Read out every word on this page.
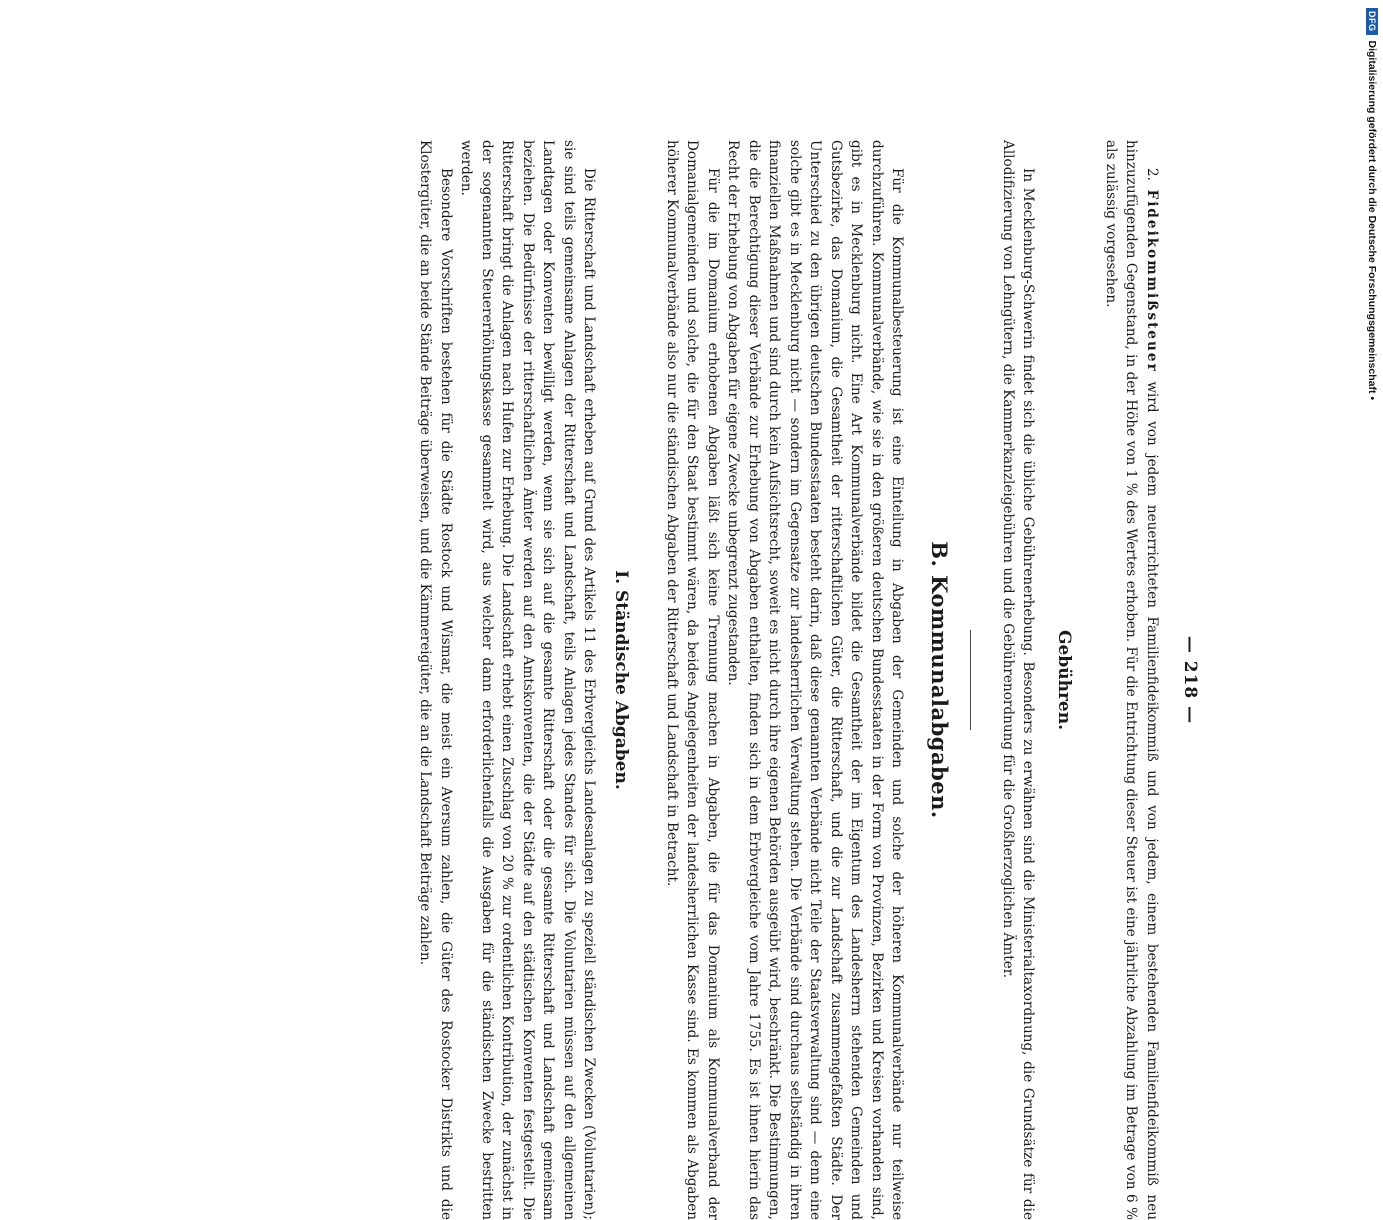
— 218 —

2. Fideikommißsteuer wird von jedem neuerrichteten Familienfideikommiß und von jedem, einem bestehenden Familienfideikommiß neu hinzuzufügenden Gegenstand, in der Höhe von 1 % des Wertes erhoben. Für die Entrichtung dieser Steuer ist eine jährliche Abzahlung im Betrage von 6 % als zulässig vorgesehen.

Gebühren.

In Mecklenburg-Schwerin findet sich die übliche Gebührenerhebung. Besonders zu erwähnen sind die Ministerialtaxordnung, die Grundsätze für die Allodifizierung von Lehngütern, die Kammerkanzleigebühren und die Gebührenordnung für die Großherzoglichen Ämter.

B. Kommunalabgaben.

Für die Kommunalbesteuerung ist eine Einteilung in Abgaben der Gemeinden und solche der höheren Kommunalverbände nur teilweise durchzuführen. Kommunalverbände, wie sie in den größeren deutschen Bundesstaaten in der Form von Provinzen, Bezirken und Kreisen vorhanden sind, gibt es in Mecklenburg nicht. Eine Art Kommunalverbände bildet die Gesamtheit der im Eigentum des Landesherrn stehenden Gemeinden und Gutsbezirke, das Domanium, die Gesamtheit der ritterschaftlichen Güter, die Ritterschaft, und die zur Landschaft zusammengefaßten Städte. Der Unterschied zu den übrigen deutschen Bundesstaaten besteht darin, daß diese genannten Verbände nicht Teile der Staatsverwaltung sind — denn eine solche gibt es in Mecklenburg nicht — sondern im Gegensatze zur landesherrlichen Verwaltung stehen. Die Verbände sind durchaus selbständig in ihren finanziellen Maßnahmen und sind durch kein Aufsichtsrecht, soweit es nicht durch ihre eigenen Behörden ausgeübt wird, beschränkt. Die Bestimmungen, die die Berechtigung dieser Verbände zur Erhebung von Abgaben enthalten, finden sich in dem Erbvergleiche vom Jahre 1755. Es ist ihnen hierin das Recht der Erhebung von Abgaben für eigene Zwecke unbegrenzt zugestanden.

Für die im Domanium erhobenen Abgaben läßt sich keine Trennung machen in Abgaben, die für das Domanium als Kommunalverband der Domanialgemeinden und solche, die für den Staat bestimmt wären, da beides Angelegenheiten der landesherrlichen Kasse sind. Es kommen als Abgaben höherer Kommunalverbände also nur die ständischen Abgaben der Ritterschaft und Landschaft in Betracht.

I. Ständische Abgaben.

Die Ritterschaft und Landschaft erheben auf Grund des Artikels 11 des Erbvergleichs Landesanlagen zu speziell ständischen Zwecken (Voluntarien); sie sind teils gemeinsame Anlagen der Ritterschaft und Landschaft, teils Anlagen jedes Standes für sich. Die Voluntarien müssen auf den allgemeinen Landtagen oder Konventen bewilligt werden, wenn sie sich auf die gesamte Ritterschaft oder die gesamte Ritterschaft und Landschaft gemeinsam beziehen. Die Bedürfnisse der ritterschaftlichen Ämter werden auf den Amtskonventen, die der Städte auf den städtischen Konventen festgestellt. Die Ritterschaft bringt die Anlagen nach Hufen zur Erhebung. Die Landschaft erhebt einen Zuschlag von 20 % zur ordentlichen Kontribution, der zunächst in der sogenannten Steuererhöhungskasse gesammelt wird, aus welcher dann erforderlichenfalls die Ausgaben für die ständischen Zwecke bestritten werden.

Besondere Vorschriften bestehen für die Städte Rostock und Wismar, die meist ein Aversum zahlen, die Güter des Rostocker Distrikts und die Klostergüter, die an beide Stände Beiträge überweisen, und die Kämmereigüter, die an die Landschaft Beiträge zahlen.

DFG
Digitalisierung gefördert durch die Deutsche Forschungsgemeinschaft •
